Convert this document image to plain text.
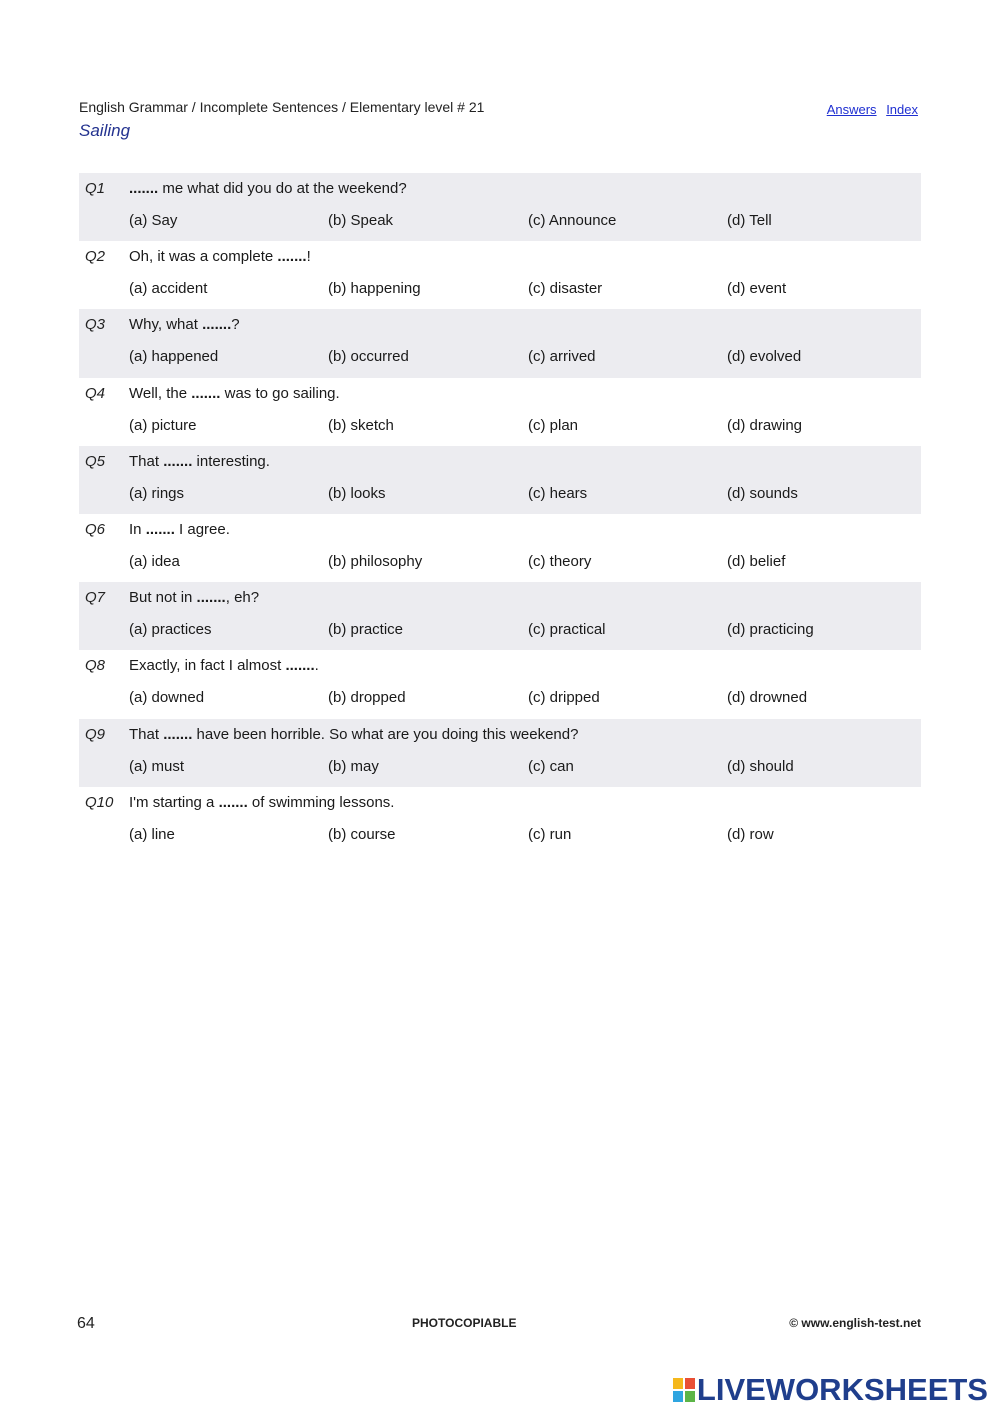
English Grammar / Incomplete Sentences / Elementary level # 21
Sailing
Answers Index
Q1 ....... me what did you do at the weekend?
(a) Say	(b) Speak	(c) Announce	(d) Tell
Q2 Oh, it was a complete .......!
(a) accident	(b) happening	(c) disaster	(d) event
Q3 Why, what .......?
(a) happened	(b) occurred	(c) arrived	(d) evolved
Q4 Well, the ....... was to go sailing.
(a) picture	(b) sketch	(c) plan	(d) drawing
Q5 That ....... interesting.
(a) rings	(b) looks	(c) hears	(d) sounds
Q6 In ....... I agree.
(a) idea	(b) philosophy	(c) theory	(d) belief
Q7 But not in ......., eh?
(a) practices	(b) practice	(c) practical	(d) practicing
Q8 Exactly, in fact I almost ........
(a) downed	(b) dropped	(c) dripped	(d) drowned
Q9 That ....... have been horrible. So what are you doing this weekend?
(a) must	(b) may	(c) can	(d) should
Q10 I'm starting a ....... of swimming lessons.
(a) line	(b) course	(c) run	(d) row
64	PHOTOCOPIABLE	© www.english-test.net
LIVEWORKSHEETS
